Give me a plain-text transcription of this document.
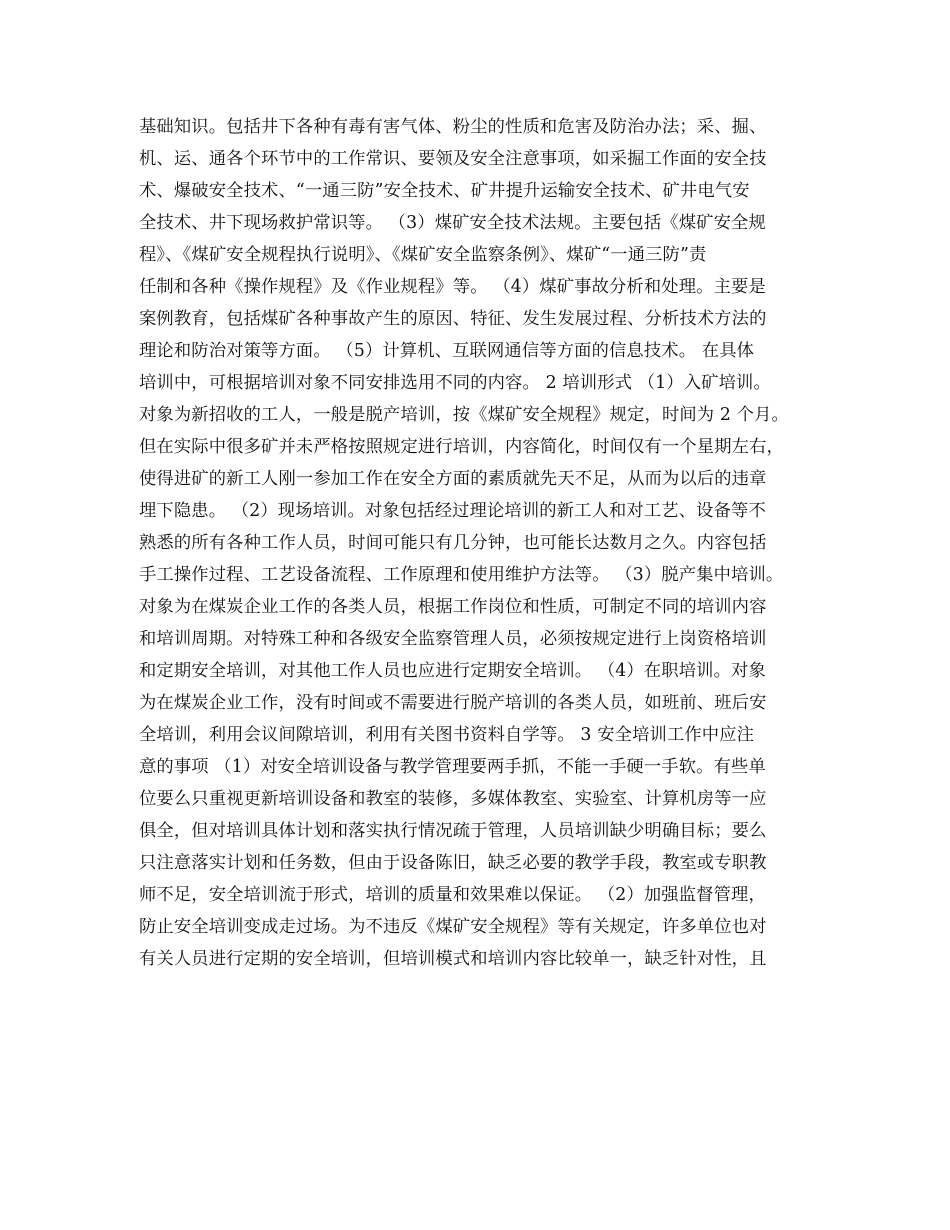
基础知识。包括井下各种有毒有害气体、粉尘的性质和危害及防治办法；采、掘、
机、运、通各个环节中的工作常识、要领及安全注意事项，如采掘工作面的安全技
术、爆破安全技术、“一通三防”安全技术、矿井提升运输安全技术、矿井电气安
全技术、井下现场救护常识等。 （3）煤矿安全技术法规。主要包括《煤矿安全规
程》、《煤矿安全规程执行说明》、《煤矿安全监察条例》、煤矿“一通三防”责
任制和各种《操作规程》及《作业规程》等。 （4）煤矿事故分析和处理。主要是
案例教育，包括煤矿各种事故产生的原因、特征、发生发展过程、分析技术方法的
理论和防治对策等方面。 （5）计算机、互联网通信等方面的信息技术。 在具体
培训中，可根据培训对象不同安排选用不同的内容。 2 培训形式 （1）入矿培训。
对象为新招收的工人，一般是脱产培训，按《煤矿安全规程》规定，时间为 2 个月。
但在实际中很多矿并未严格按照规定进行培训，内容简化，时间仅有一个星期左右，
使得进矿的新工人刚一参加工作在安全方面的素质就先天不足，从而为以后的违章
埋下隐患。 （2）现场培训。对象包括经过理论培训的新工人和对工艺、设备等不
熟悉的所有各种工作人员，时间可能只有几分钟，也可能长达数月之久。内容包括
手工操作过程、工艺设备流程、工作原理和使用维护方法等。 （3）脱产集中培训。
对象为在煤炭企业工作的各类人员，根据工作岗位和性质，可制定不同的培训内容
和培训周期。对特殊工种和各级安全监察管理人员，必须按规定进行上岗资格培训
和定期安全培训，对其他工作人员也应进行定期安全培训。 （4）在职培训。对象
为在煤炭企业工作，没有时间或不需要进行脱产培训的各类人员，如班前、班后安
全培训，利用会议间隙培训，利用有关图书资料自学等。 3 安全培训工作中应注
意的事项 （1）对安全培训设备与教学管理要两手抓，不能一手硬一手软。有些单
位要么只重视更新培训设备和教室的装修，多媒体教室、实验室、计算机房等一应
俱全，但对培训具体计划和落实执行情况疏于管理，人员培训缺少明确目标；要么
只注意落实计划和任务数，但由于设备陈旧，缺乏必要的教学手段，教室或专职教
师不足，安全培训流于形式，培训的质量和效果难以保证。 （2）加强监督管理，
防止安全培训变成走过场。为不违反《煤矿安全规程》等有关规定，许多单位也对
有关人员进行定期的安全培训，但培训模式和培训内容比较单一，缺乏针对性，且
